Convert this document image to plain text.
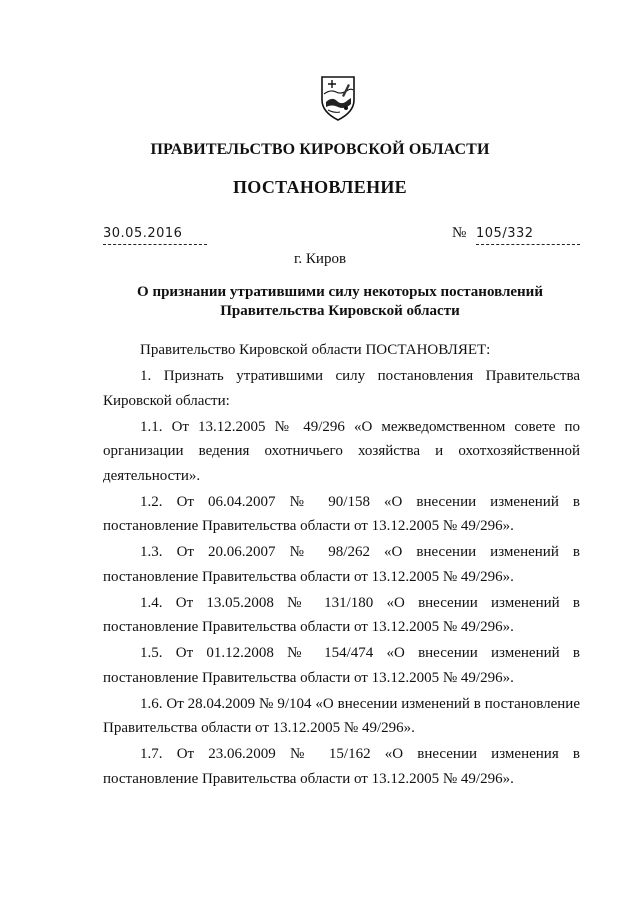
ПРАВИТЕЛЬСТВО КИРОВСКОЙ ОБЛАСТИ
ПОСТАНОВЛЕНИЕ
30.05.2016	№ 105/332
г. Киров
О признании утратившими силу некоторых постановлений
Правительства Кировской области

Правительство Кировской области ПОСТАНОВЛЯЕТ:

1. Признать утратившими силу постановления Правительства Кировской области:

1.1. От 13.12.2005 № 49/296 «О межведомственном совете по организации ведения охотничьего хозяйства и охотхозяйственной деятельности».

1.2. От 06.04.2007 № 90/158 «О внесении изменений в постановление Правительства области от 13.12.2005 № 49/296».

1.3. От 20.06.2007 № 98/262 «О внесении изменений в постановление Правительства области от 13.12.2005 № 49/296».

1.4. От 13.05.2008 № 131/180 «О внесении изменений в постановление Правительства области от 13.12.2005 № 49/296».

1.5. От 01.12.2008 № 154/474 «О внесении изменений в постановление Правительства области от 13.12.2005 № 49/296».

1.6. От 28.04.2009 № 9/104 «О внесении изменений в постановление Правительства области от 13.12.2005 № 49/296».

1.7. От 23.06.2009 № 15/162 «О внесении изменения в постановление Правительства области от 13.12.2005 № 49/296».
